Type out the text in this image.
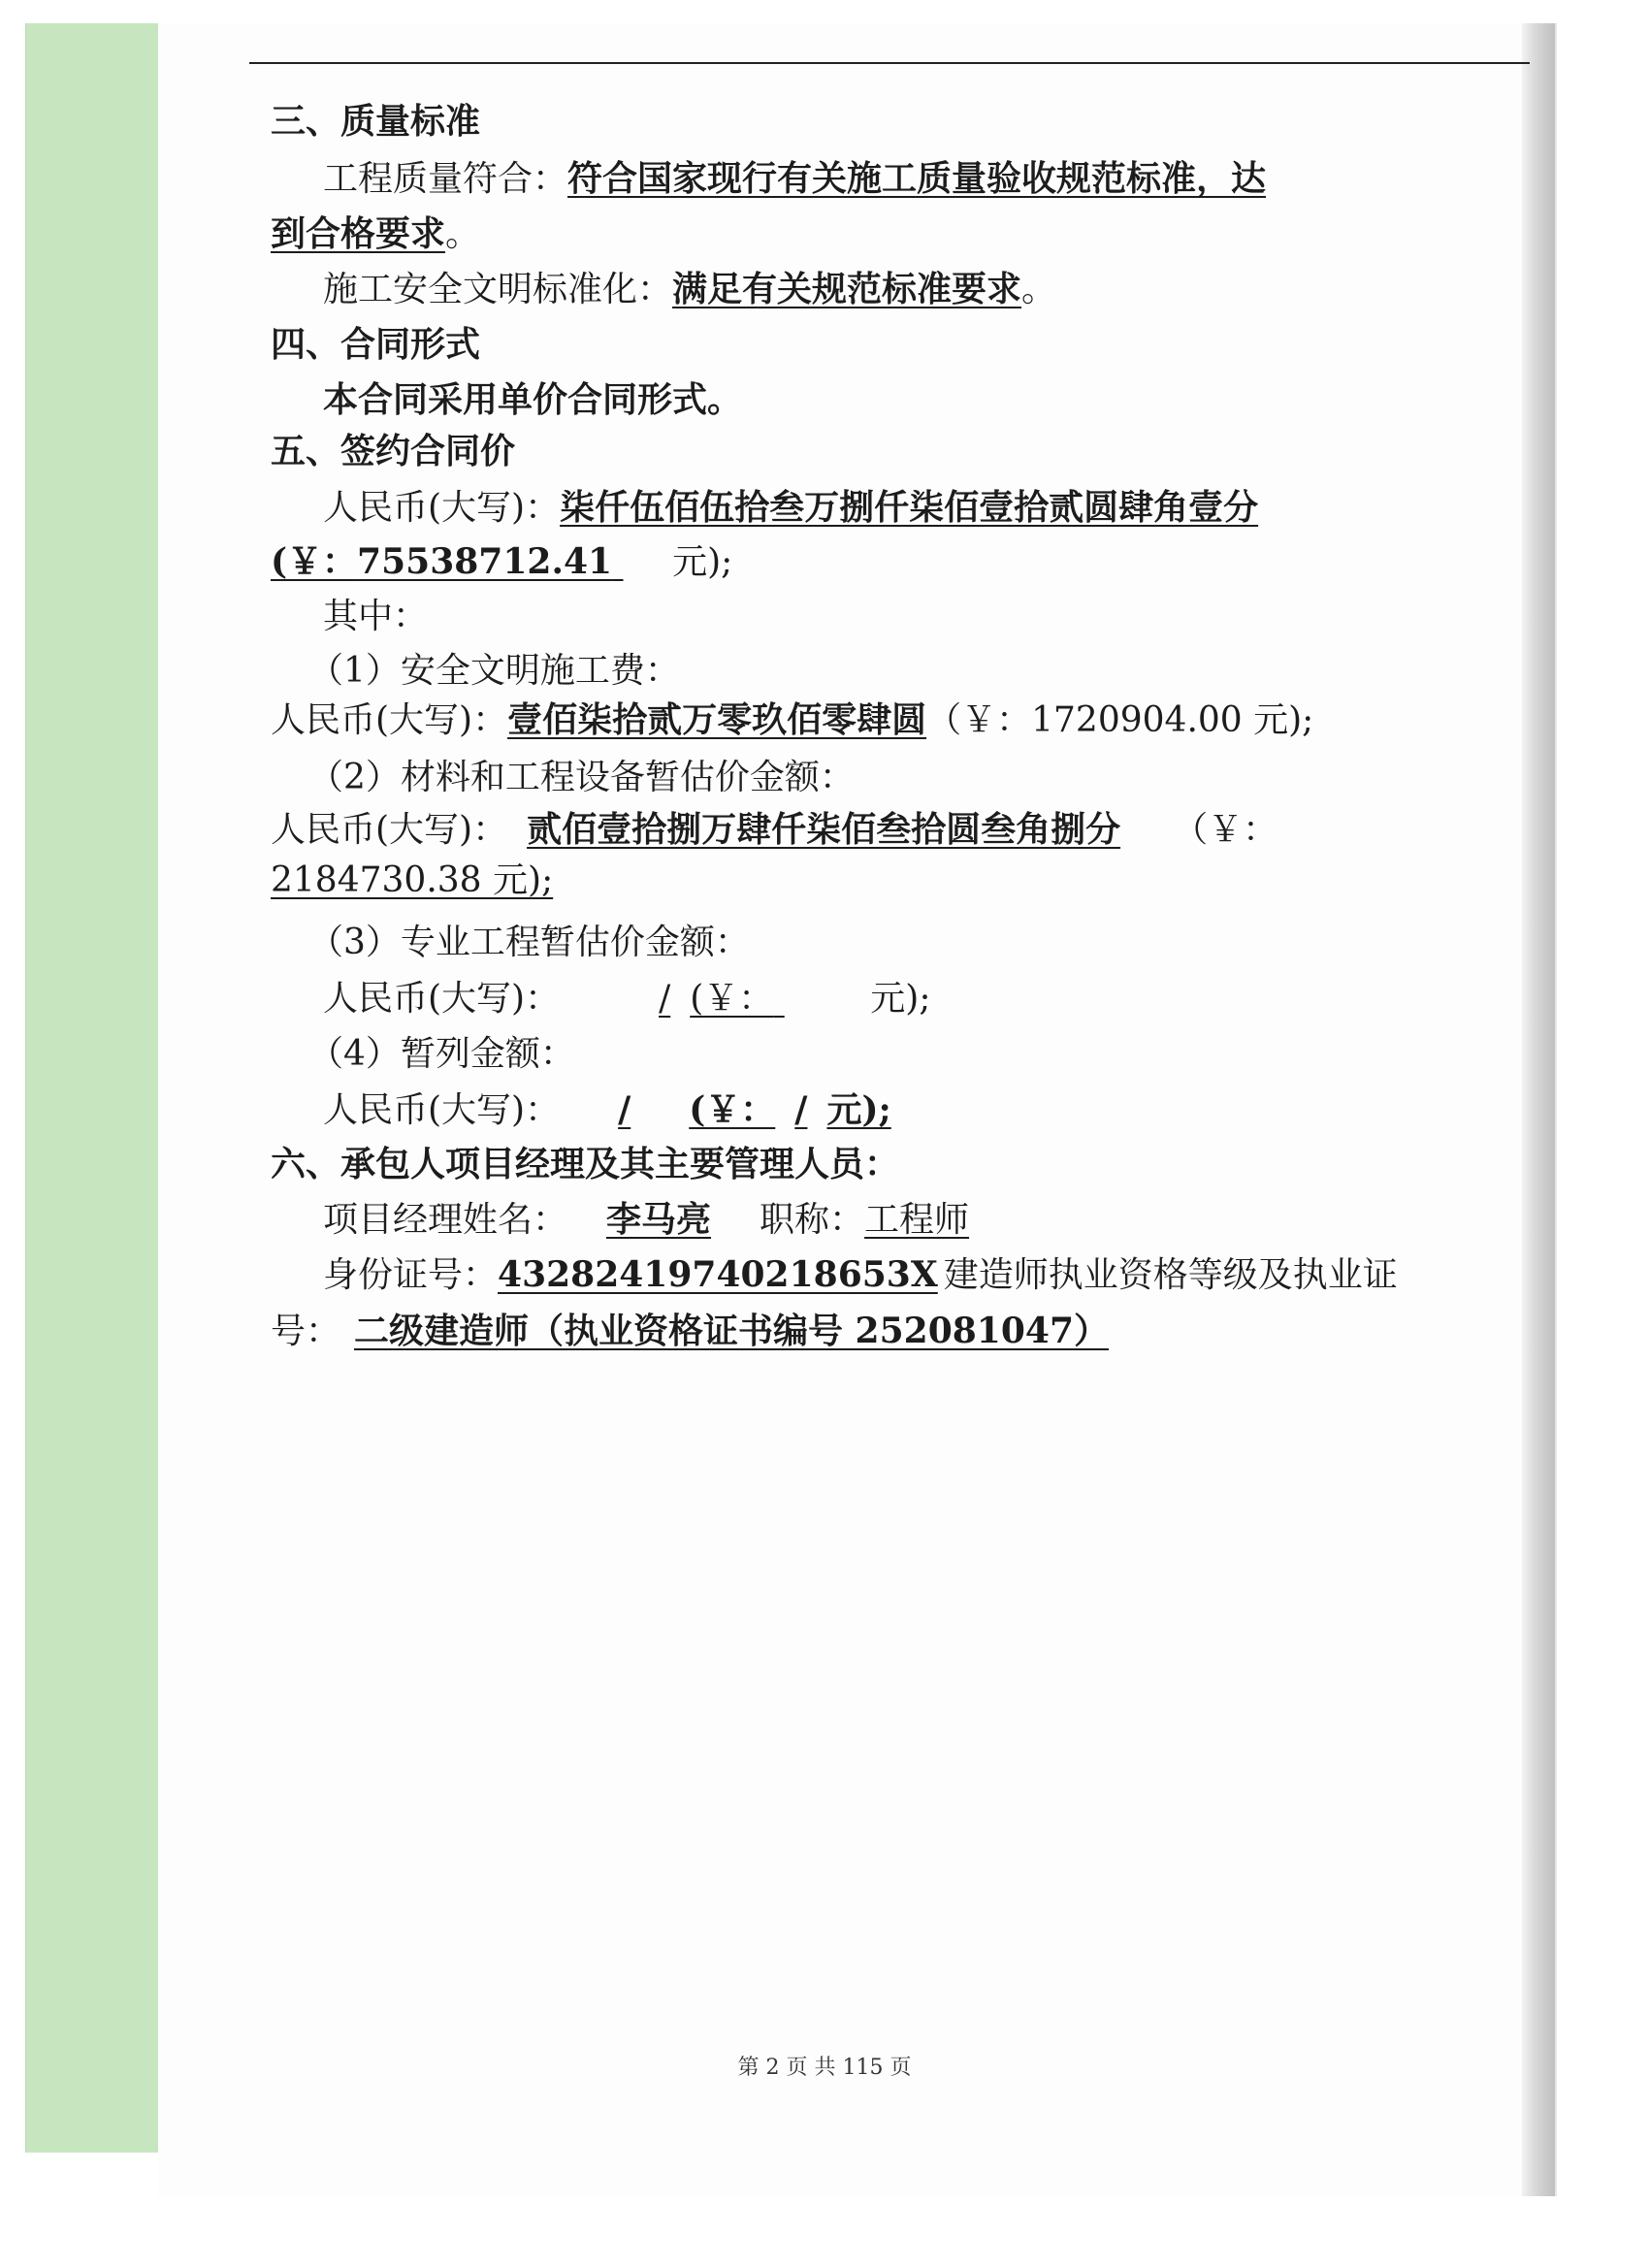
三、质量标准
工程质量符合：符合国家现行有关施工质量验收规范标准，达
到合格要求。
施工安全文明标准化：满足有关规范标准要求。
四、合同形式
本合同采用单价合同形式。
五、签约合同价
人民币(大写)：柒仟伍佰伍拾叁万捌仟柒佰壹拾贰圆肆角壹分
(￥：75538712.41 元);
其中：
（1）安全文明施工费：
人民币(大写)：壹佰柒拾贰万零玖佰零肆圆（￥：1720904.00 元);
（2）材料和工程设备暂估价金额：
人民币(大写)： 贰佰壹拾捌万肆仟柒佰叁拾圆叁角捌分 （￥：
2184730.38 元);
（3）专业工程暂估价金额：
人民币(大写)：	/ (￥：	元);
（4）暂列金额：
人民币(大写)： / (￥： / 元);
六、承包人项目经理及其主要管理人员：
项目经理姓名： 李马亮 职称：工程师
身份证号：43282419740218653X 建造师执业资格等级及执业证
号： 二级建造师（执业资格证书编号 252081047）
第 2 页 共 115 页
